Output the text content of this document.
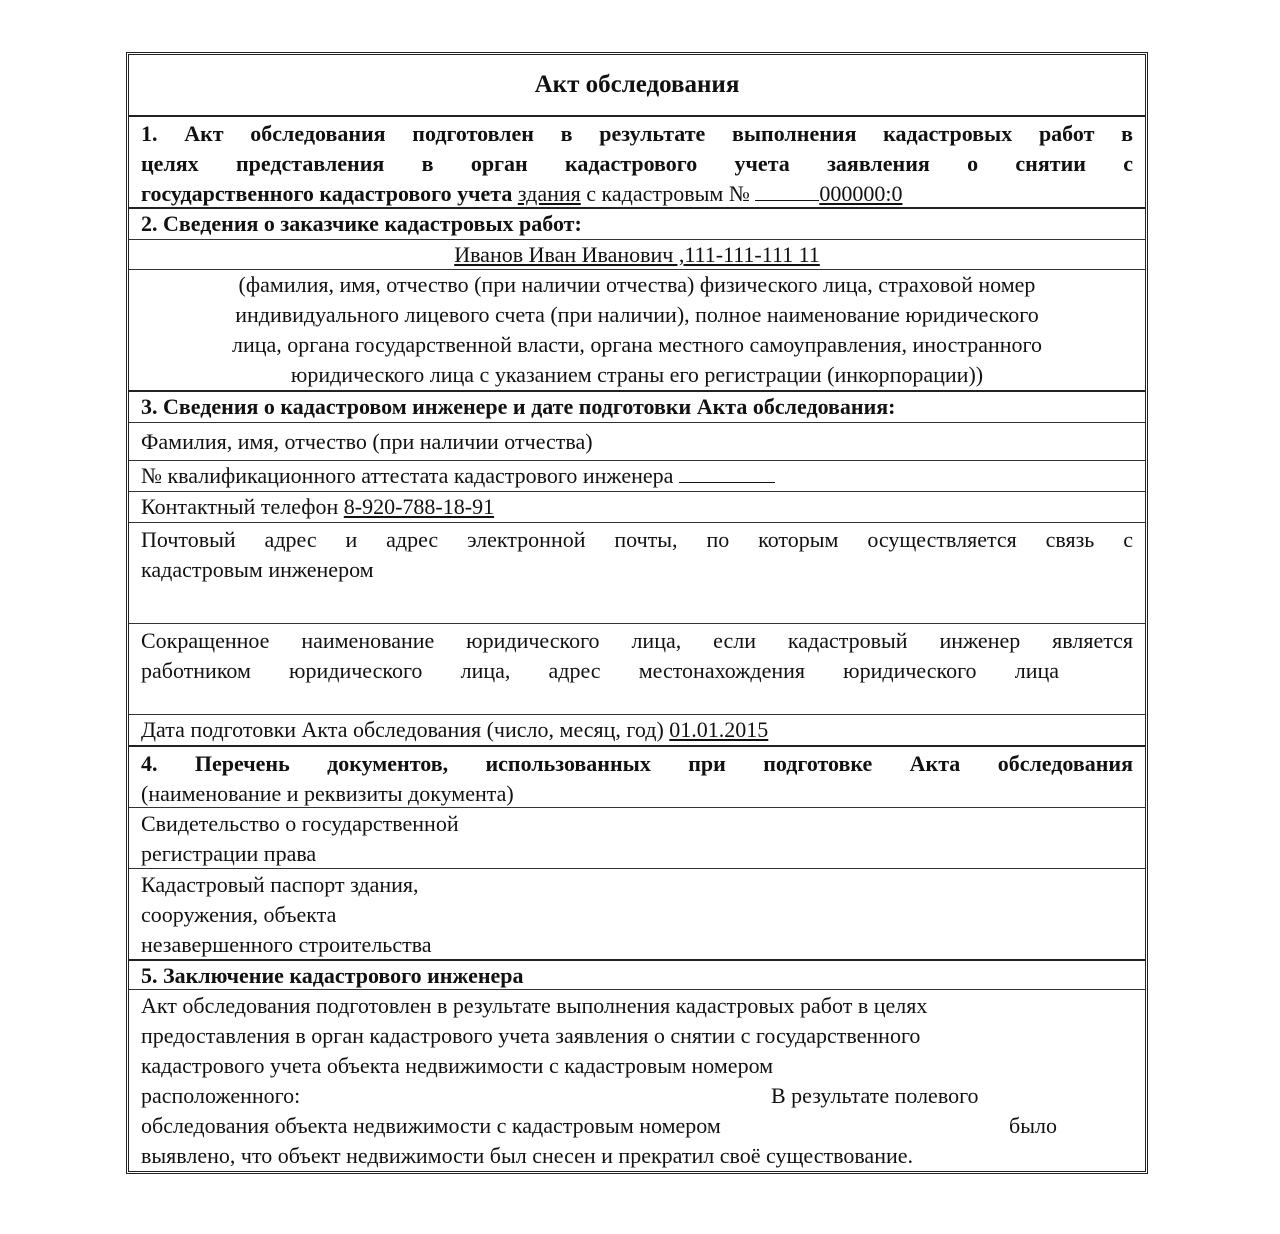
Акт обследования
1. Акт обследования подготовлен в результате выполнения кадастровых работ в
целях представления в орган кадастрового учета заявления о снятии с
государственного кадастрового учета здания с кадастровым №	000000:0
2. Сведения о заказчике кадастровых работ:
Иванов Иван Иванович ,111-111-111 11
(фамилия, имя, отчество (при наличии отчества) физического лица, страховой номер
индивидуального лицевого счета (при наличии), полное наименование юридического
лица, органа государственной власти, органа местного самоуправления, иностранного
юридического лица с указанием страны его регистрации (инкорпорации))
3. Сведения о кадастровом инженере и дате подготовки Акта обследования:
Фамилия, имя, отчество (при наличии отчества)
№ квалификационного аттестата кадастрового инженера
Контактный телефон 8-920-788-18-91
Почтовый адрес и адрес электронной почты, по которым осуществляется связь с
кадастровым инженером
Сокращенное наименование юридического лица, если кадастровый инженер является
работником юридического лица, адрес местонахождения юридического лица
Дата подготовки Акта обследования (число, месяц, год) 01.01.2015
4. Перечень документов, использованных при подготовке Акта обследования
(наименование и реквизиты документа)
Свидетельство о государственной
регистрации права
Кадастровый паспорт здания,
сооружения, объекта
незавершенного строительства
5. Заключение кадастрового инженера
Акт обследования подготовлен в результате выполнения кадастровых работ в целях
предоставления в орган кадастрового учета заявления о снятии с государственного
кадастрового учета объекта недвижимости с кадастровым номером
расположенного:	В результате полевого
обследования объекта недвижимости с кадастровым номером	было
выявлено, что объект недвижимости был снесен и прекратил своё существование.
